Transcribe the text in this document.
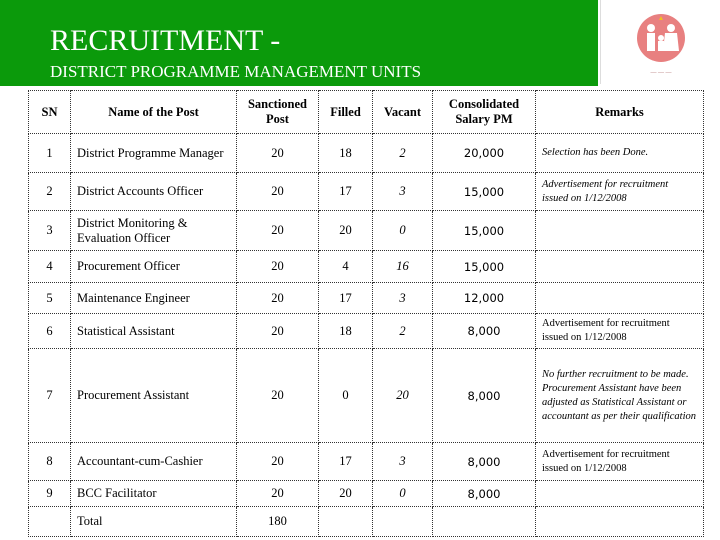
RECRUITMENT -
DISTRICT PROGRAMME MANAGEMENT UNITS	— — —
SN	Name of the Post	Sanctioned Post	Filled	Vacant	Consolidated Salary PM	Remarks
1	District Programme Manager	20	18	2	20,000	Selection has been Done.
2	District Accounts Officer	20	17	3	15,000	Advertisement for recruitment issued on 1/12/2008
3	District Monitoring & Evaluation Officer	20	20	0	15,000	
4	Procurement Officer	20	4	16	15,000	
5	Maintenance Engineer	20	17	3	12,000	
6	Statistical Assistant	20	18	2	8,000	Advertisement for recruitment issued on 1/12/2008
7	Procurement Assistant	20	0	20	8,000	No further recruitment to be made. Procurement Assistant have been adjusted as Statistical Assistant or accountant as per their qualification
8	Accountant-cum-Cashier	20	17	3	8,000	Advertisement for recruitment issued on 1/12/2008
9	BCC Facilitator	20	20	0	8,000	
	Total	180				
